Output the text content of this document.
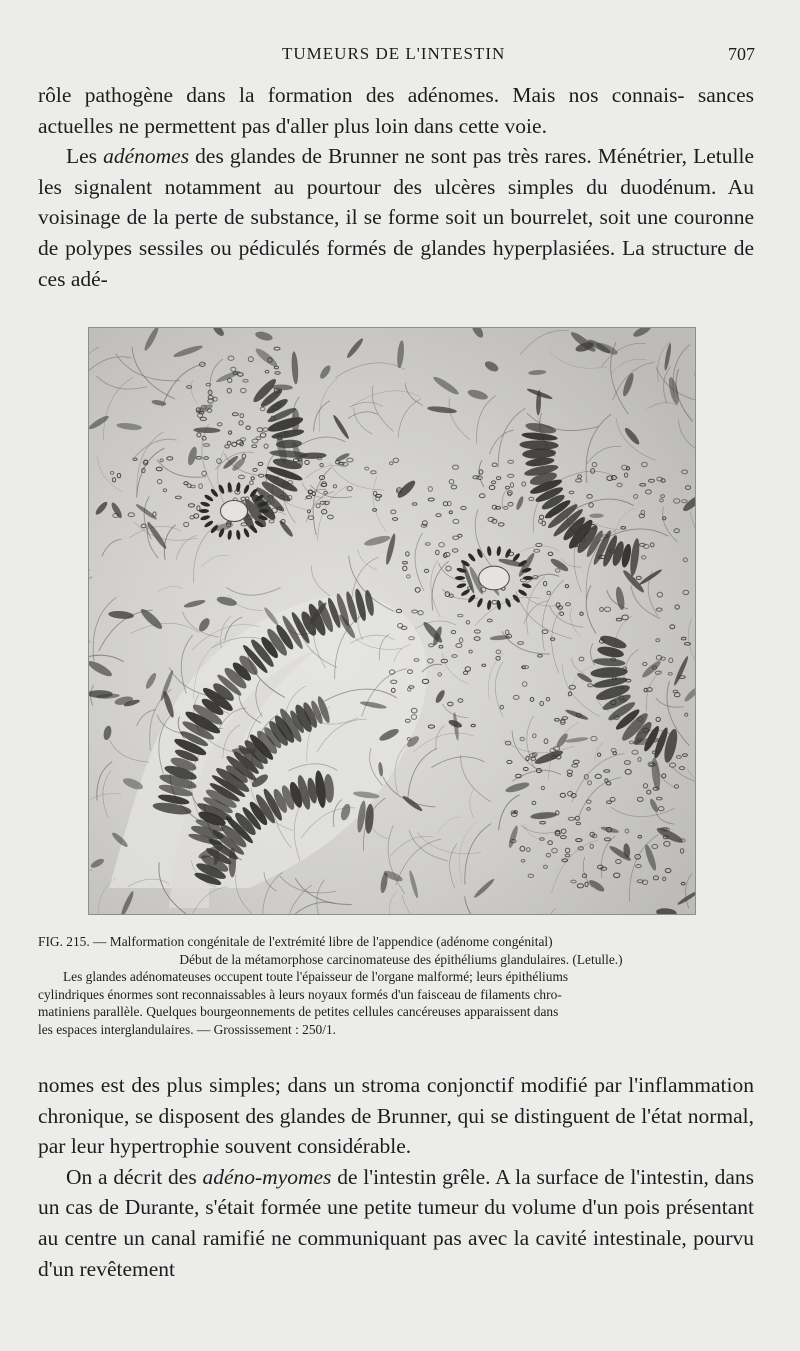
TUMEURS DE L'INTESTIN	707

rôle pathogène dans la formation des adénomes. Mais nos connais- sances actuelles ne permettent pas d'aller plus loin dans cette voie.

Les adénomes des glandes de Brunner ne sont pas très rares. Ménétrier, Letulle les signalent notamment au pourtour des ulcères simples du duodénum. Au voisinage de la perte de substance, il se forme soit un bourrelet, soit une couronne de polypes sessiles ou pédiculés formés de glandes hyperplasiées. La structure de ces adé-

FIG. 215. — Malformation congénitale de l'extrémité libre de l'appendice (adénome congénital)
Début de la métamorphose carcinomateuse des épithéliums glandulaires. (Letulle.)
Les glandes adénomateuses occupent toute l'épaisseur de l'organe malformé; leurs épithéliums
cylindriques énormes sont reconnaissables à leurs noyaux formés d'un faisceau de filaments chro-
matiniens parallèle. Quelques bourgeonnements de petites cellules cancéreuses apparaissent dans
les espaces interglandulaires. — Grossissement : 250/1.

nomes est des plus simples; dans un stroma conjonctif modifié par l'inflammation chronique, se disposent des glandes de Brunner, qui se distinguent de l'état normal, par leur hypertrophie souvent considérable.

On a décrit des adéno-myomes de l'intestin grêle. A la surface de l'intestin, dans un cas de Durante, s'était formée une petite tumeur du volume d'un pois présentant au centre un canal ramifié ne communiquant pas avec la cavité intestinale, pourvu d'un revêtement
